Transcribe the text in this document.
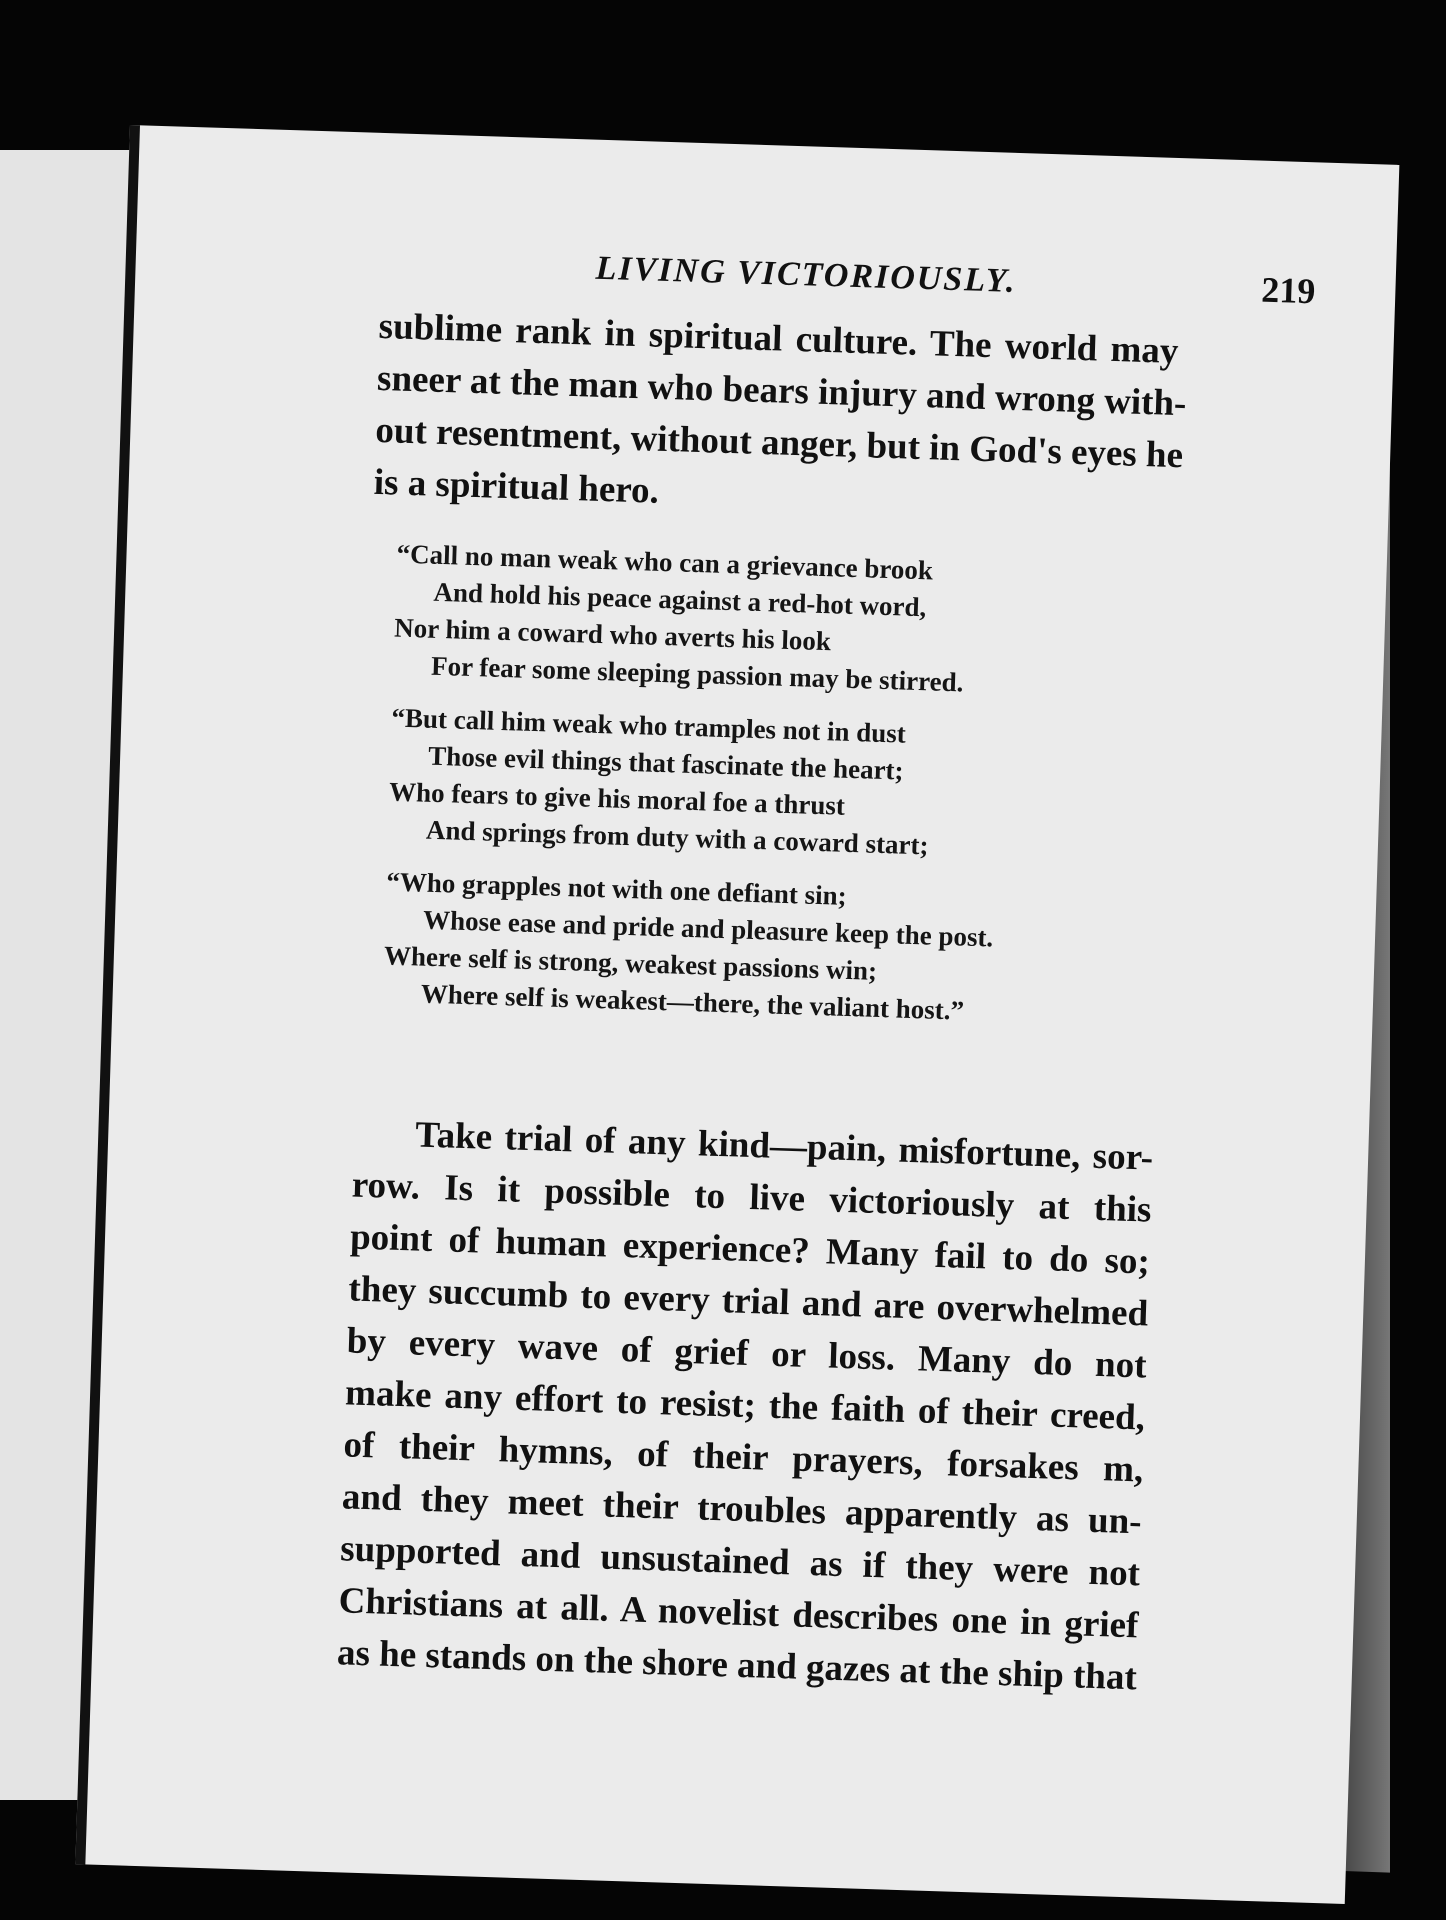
LIVING VICTORIOUSLY.	219
sublime rank in spiritual culture. The world may
sneer at the man who bears injury and wrong with-
out resentment, without anger, but in God's eyes he
is a spiritual hero.
“Call no man weak who can a grievance brook
And hold his peace against a red-hot word,
Nor him a coward who averts his look
For fear some sleeping passion may be stirred.
“But call him weak who tramples not in dust
Those evil things that fascinate the heart;
Who fears to give his moral foe a thrust
And springs from duty with a coward start;
“Who grapples not with one defiant sin;
Whose ease and pride and pleasure keep the post.
Where self is strong, weakest passions win;
Where self is weakest—there, the valiant host.”
Take trial of any kind—pain, misfortune, sor-
row. Is it possible to live victoriously at this
point of human experience? Many fail to do so;
they succumb to every trial and are overwhelmed
by every wave of grief or loss. Many do not
make any effort to resist; the faith of their creed,
of their hymns, of their prayers, forsakes m,
and they meet their troubles apparently as un-
supported and unsustained as if they were not
Christians at all. A novelist describes one in grief
as he stands on the shore and gazes at the ship that
